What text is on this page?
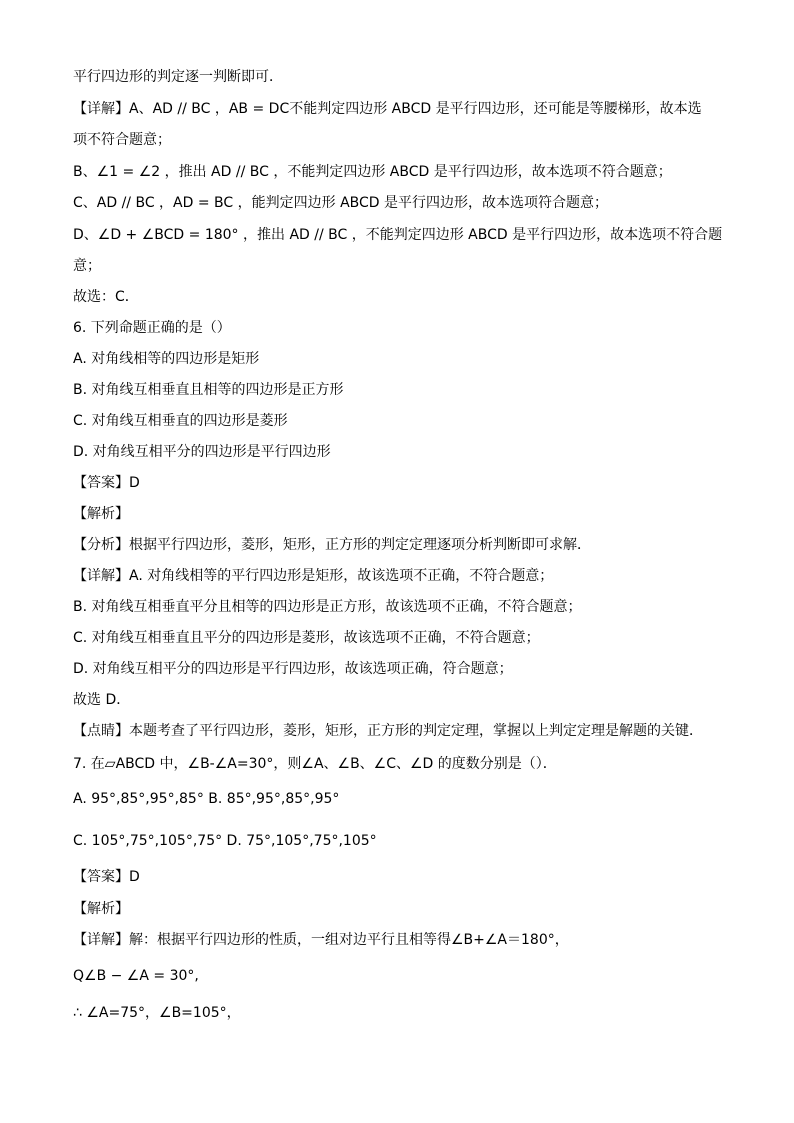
平行四边形的判定逐一判断即可．
【详解】A、AD // BC ，AB = DC不能判定四边形 ABCD 是平行四边形，还可能是等腰梯形，故本选
项不符合题意；
B、∠1 = ∠2 ，推出 AD // BC ，不能判定四边形 ABCD 是平行四边形，故本选项不符合题意；
C、AD // BC ，AD = BC ，能判定四边形 ABCD 是平行四边形，故本选项符合题意；
D、∠D + ∠BCD = 180° ，推出 AD // BC ，不能判定四边形 ABCD 是平行四边形，故本选项不符合题
意；
故选：C．
6. 下列命题正确的是（）
A. 对角线相等的四边形是矩形
B. 对角线互相垂直且相等的四边形是正方形
C. 对角线互相垂直的四边形是菱形
D. 对角线互相平分的四边形是平行四边形
【答案】D
【解析】
【分析】根据平行四边形，菱形，矩形，正方形的判定定理逐项分析判断即可求解．
【详解】A. 对角线相等的平行四边形是矩形，故该选项不正确，不符合题意；
B. 对角线互相垂直平分且相等的四边形是正方形，故该选项不正确，不符合题意；
C. 对角线互相垂直且平分的四边形是菱形，故该选项不正确，不符合题意；
D. 对角线互相平分的四边形是平行四边形，故该选项正确，符合题意；
故选 D．
【点睛】本题考查了平行四边形，菱形，矩形，正方形的判定定理，掌握以上判定定理是解题的关键．
7. 在▱ABCD 中，∠B-∠A=30°，则∠A、∠B、∠C、∠D 的度数分别是（）．
A. 95°,85°,95°,85° B. 85°,95°,85°,95°
C. 105°,75°,105°,75° D. 75°,105°,75°,105°
【答案】D
【解析】
【详解】解：根据平行四边形的性质，一组对边平行且相等得∠B+∠A＝180°，
Q∠B − ∠A = 30°,
∴ ∠A=75°，∠B=105°，
